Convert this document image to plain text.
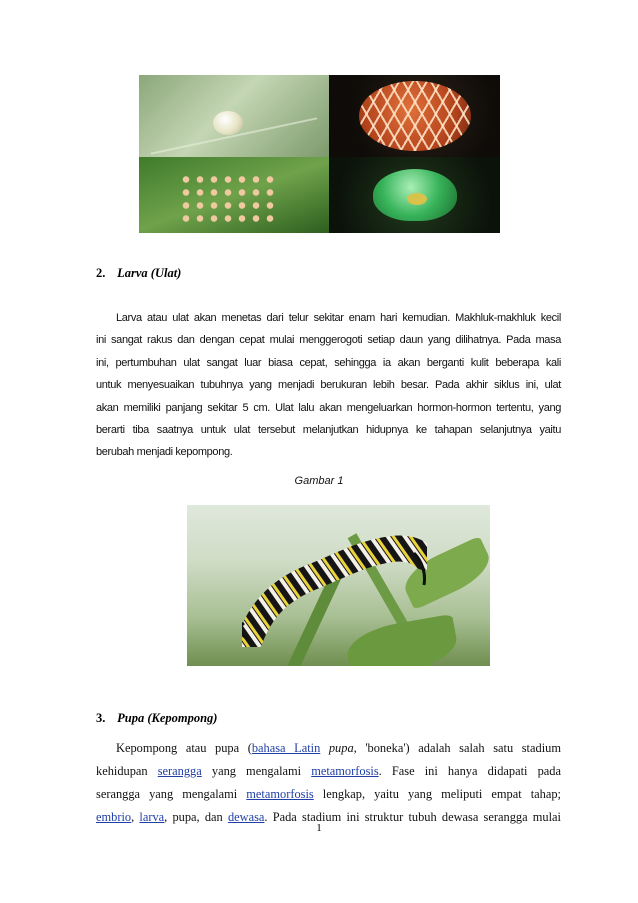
2. Larva (Ulat)
Larva atau ulat akan menetas dari telur sekitar enam hari kemudian. Makhluk-makhluk kecil
ini sangat rakus dan dengan cepat mulai menggerogoti setiap daun yang dilihatnya. Pada masa
ini, pertumbuhan ulat sangat luar biasa cepat, sehingga ia akan berganti kulit beberapa kali
untuk menyesuaikan tubuhnya yang menjadi berukuran lebih besar. Pada akhir siklus ini, ulat
akan memiliki panjang sekitar 5 cm. Ulat lalu akan mengeluarkan hormon-hormon tertentu, yang
berarti tiba saatnya untuk ulat tersebut melanjutkan hidupnya ke tahapan selanjutnya yaitu
berubah menjadi kepompong.
Gambar 1
3. Pupa (Kepompong)
Kepompong atau pupa (bahasa Latin pupa, 'boneka') adalah salah satu stadium
kehidupan serangga yang mengalami metamorfosis. Fase ini hanya didapati pada
serangga yang mengalami metamorfosis lengkap, yaitu yang meliputi empat tahap;
embrio, larva, pupa, dan dewasa. Pada stadium ini struktur tubuh dewasa serangga mulai
1
